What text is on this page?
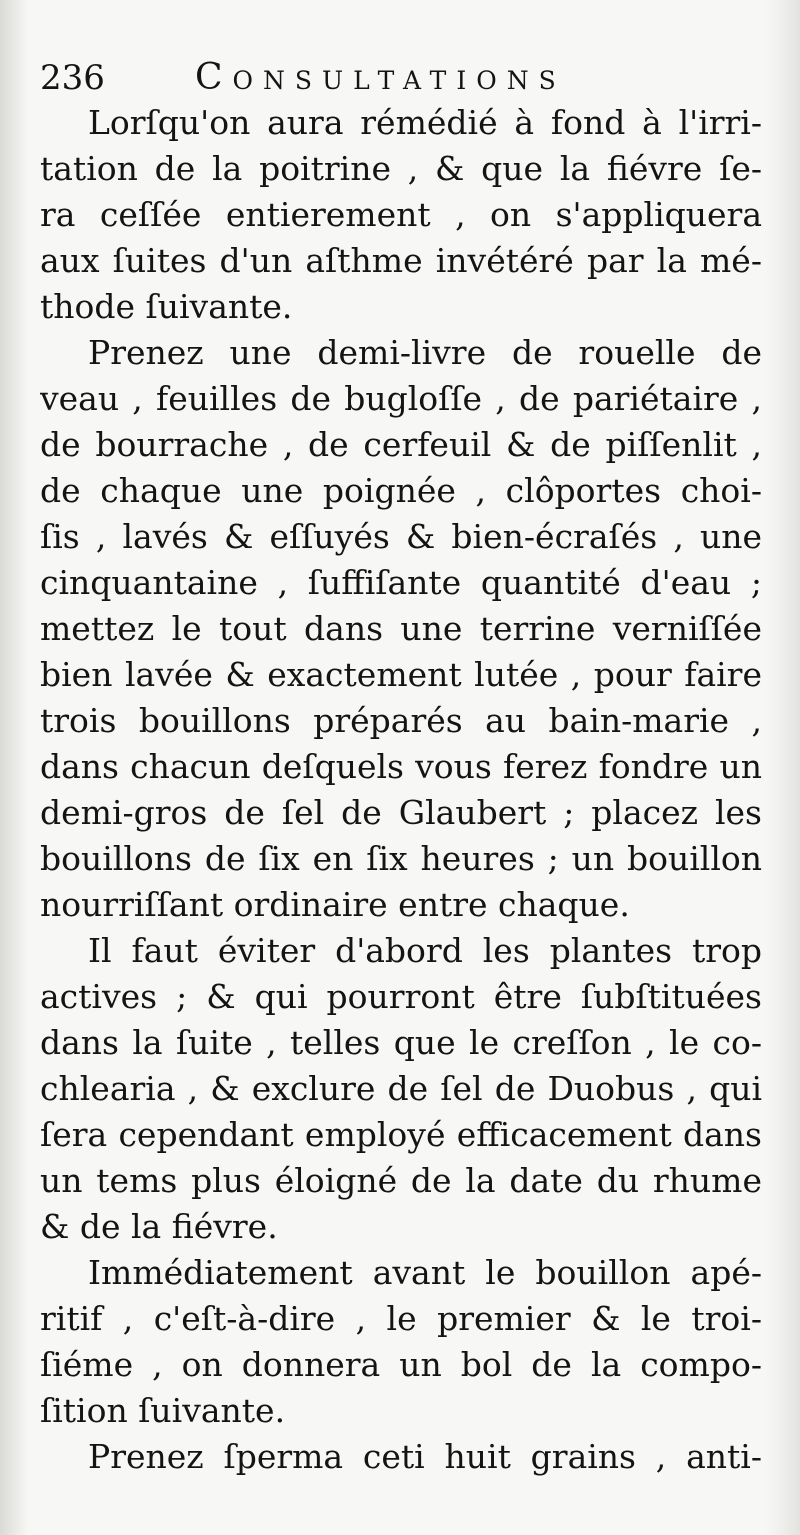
236	Consultations
Lorſqu'on aura rémédié à fond à l'irri-
tation de la poitrine , & que la fiévre ſe-
ra ceſſée entierement , on s'appliquera
aux ſuites d'un aſthme invétéré par la mé-
thode ſuivante.
Prenez une demi-livre de rouelle de
veau , feuilles de bugloſſe , de pariétaire ,
de bourrache , de cerfeuil & de piſſenlit ,
de chaque une poignée , clôportes choi-
ſis , lavés & eſſuyés & bien-écraſés , une
cinquantaine , ſuffiſante quantité d'eau ;
mettez le tout dans une terrine verniſſée
bien lavée & exactement lutée , pour faire
trois bouillons préparés au bain-marie ,
dans chacun deſquels vous ferez fondre un
demi-gros de ſel de Glaubert ; placez les
bouillons de ſix en ſix heures ; un bouillon
nourriſſant ordinaire entre chaque.
Il faut éviter d'abord les plantes trop
actives ; & qui pourront être ſubſtituées
dans la ſuite , telles que le creſſon , le co-
chlearia , & exclure de ſel de Duobus , qui
ſera cependant employé efficacement dans
un tems plus éloigné de la date du rhume
& de la fiévre.
Immédiatement avant le bouillon apé-
ritif , c'eſt-à-dire , le premier & le troi-
ſiéme , on donnera un bol de la compo-
ſition ſuivante.
Prenez ſperma ceti huit grains , anti-
